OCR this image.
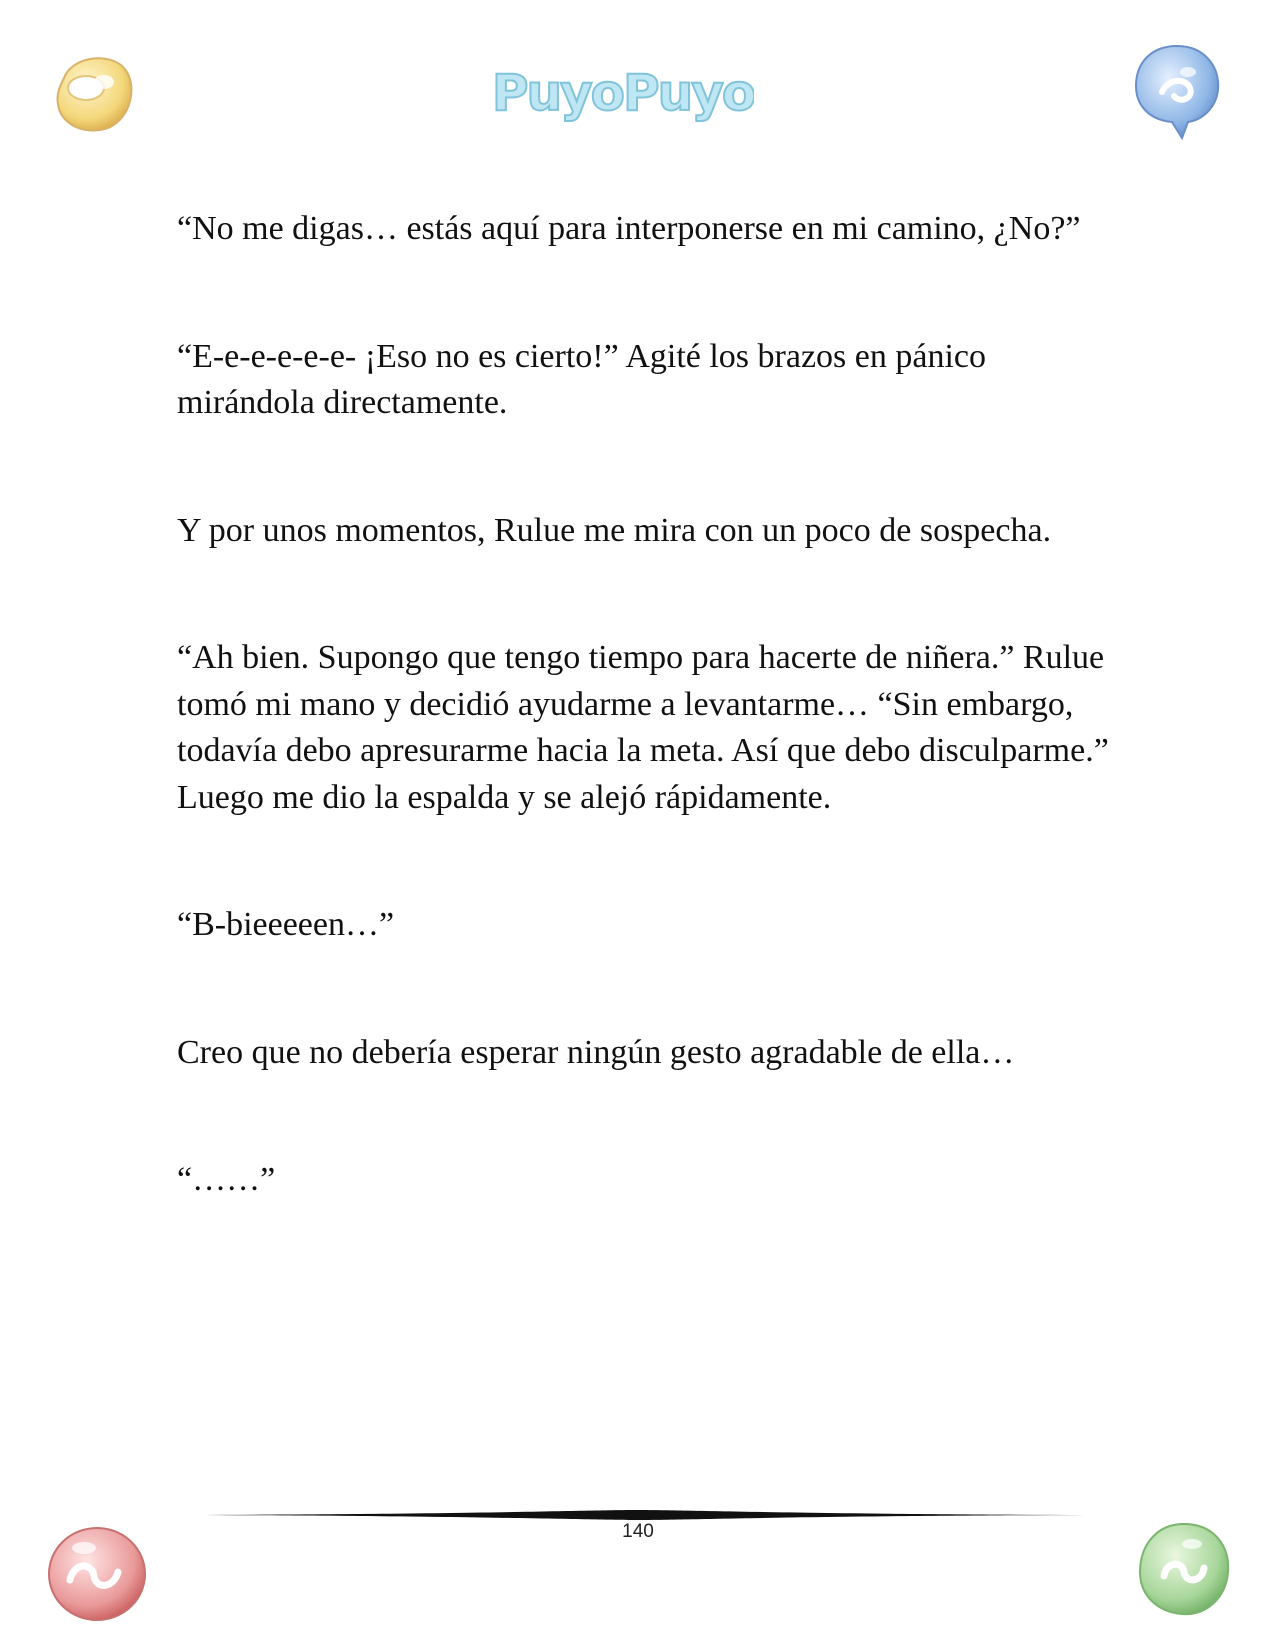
PuyoPuyo

“No me digas… estás aquí para interponerse en mi camino, ¿No?”

“E-e-e-e-e-e- ¡Eso no es cierto!” Agité los brazos en pánico mirándola directamente.

Y por unos momentos, Rulue me mira con un poco de sospecha.

“Ah bien. Supongo que tengo tiempo para hacerte de niñera.” Rulue tomó mi mano y decidió ayudarme a levantarme… “Sin embargo, todavía debo apresurarme hacia la meta. Así que debo disculparme.” Luego me dio la espalda y se alejó rápidamente.

“B-bieeeeen…”

Creo que no debería esperar ningún gesto agradable de ella…

“……”

140
